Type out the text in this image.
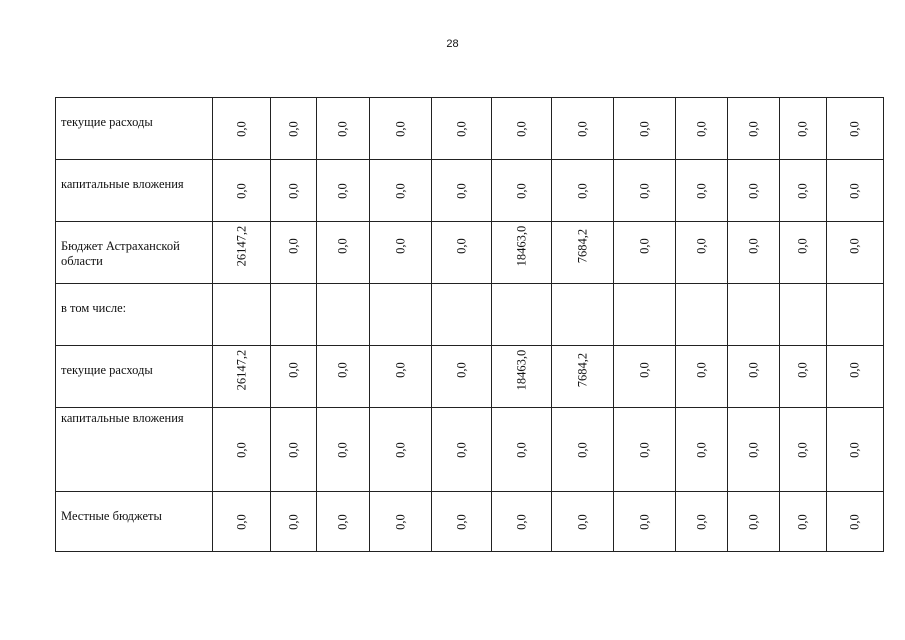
28
текущие расходы	0,0	0,0	0,0	0,0	0,0	0,0	0,0	0,0	0,0	0,0	0,0	0,0

капитальные вложения	0,0	0,0	0,0	0,0	0,0	0,0	0,0	0,0	0,0	0,0	0,0	0,0

Бюджет Астраханской области	26147,2	0,0	0,0	0,0	0,0	18463,0	7684,2	0,0	0,0	0,0	0,0	0,0

в том числе:	

текущие расходы	26147,2	0,0	0,0	0,0	0,0	18463,0	7684,2	0,0	0,0	0,0	0,0	0,0

капитальные вложения	0,0	0,0	0,0	0,0	0,0	0,0	0,0	0,0	0,0	0,0	0,0	0,0

Местные бюджеты	0,0	0,0	0,0	0,0	0,0	0,0	0,0	0,0	0,0	0,0	0,0	0,0
